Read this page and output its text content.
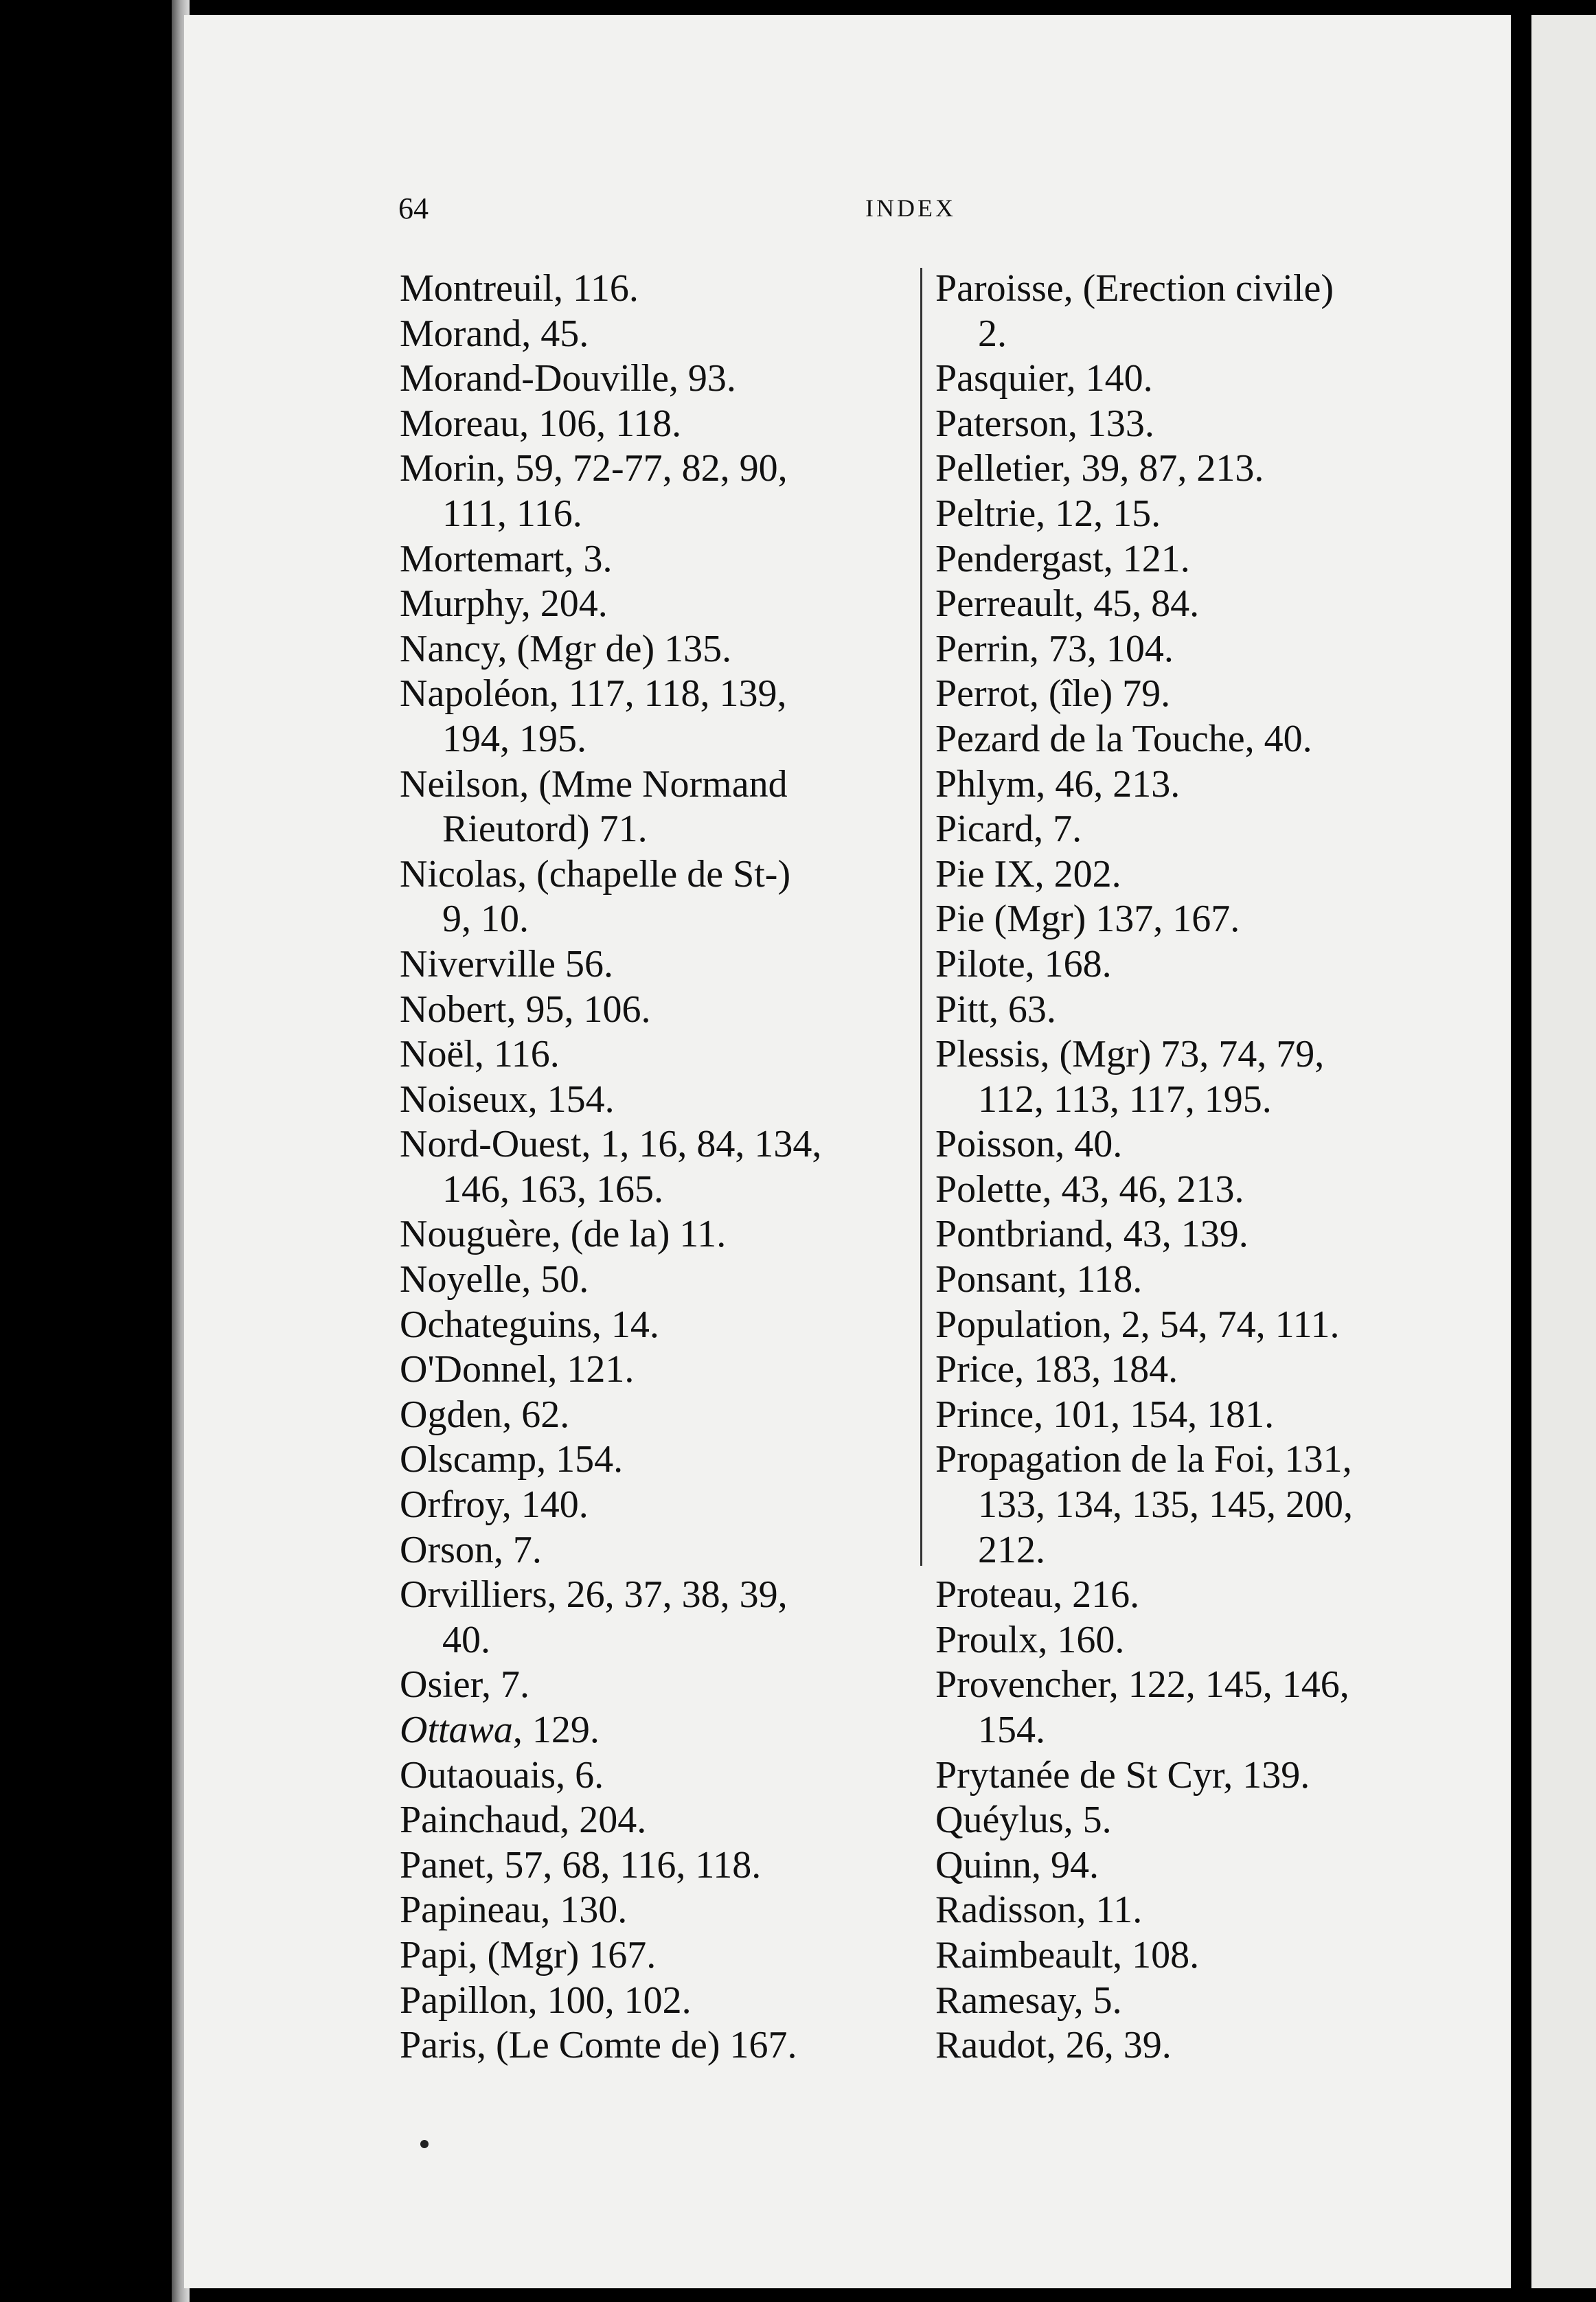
64	INDEX
Montreuil, 116.
Morand, 45.
Morand-Douville, 93.
Moreau, 106, 118.
Morin, 59, 72-77, 82, 90,
111, 116.
Mortemart, 3.
Murphy, 204.
Nancy, (Mgr de) 135.
Napoléon, 117, 118, 139,
194, 195.
Neilson, (Mme Normand
Rieutord) 71.
Nicolas, (chapelle de St-)
9, 10.
Niverville 56.
Nobert, 95, 106.
Noël, 116.
Noiseux, 154.
Nord-Ouest, 1, 16, 84, 134,
146, 163, 165.
Nouguère, (de la) 11.
Noyelle, 50.
Ochateguins, 14.
O'Donnel, 121.
Ogden, 62.
Olscamp, 154.
Orfroy, 140.
Orson, 7.
Orvilliers, 26, 37, 38, 39,
40.
Osier, 7.
Ottawa, 129.
Outaouais, 6.
Painchaud, 204.
Panet, 57, 68, 116, 118.
Papineau, 130.
Papi, (Mgr) 167.
Papillon, 100, 102.
Paris, (Le Comte de) 167.
Paroisse, (Erection civile)
2.
Pasquier, 140.
Paterson, 133.
Pelletier, 39, 87, 213.
Peltrie, 12, 15.
Pendergast, 121.
Perreault, 45, 84.
Perrin, 73, 104.
Perrot, (île) 79.
Pezard de la Touche, 40.
Phlym, 46, 213.
Picard, 7.
Pie IX, 202.
Pie (Mgr) 137, 167.
Pilote, 168.
Pitt, 63.
Plessis, (Mgr) 73, 74, 79,
112, 113, 117, 195.
Poisson, 40.
Polette, 43, 46, 213.
Pontbriand, 43, 139.
Ponsant, 118.
Population, 2, 54, 74, 111.
Price, 183, 184.
Prince, 101, 154, 181.
Propagation de la Foi, 131,
133, 134, 135, 145, 200,
212.
Proteau, 216.
Proulx, 160.
Provencher, 122, 145, 146,
154.
Prytanée de St Cyr, 139.
Quéylus, 5.
Quinn, 94.
Radisson, 11.
Raimbeault, 108.
Ramesay, 5.
Raudot, 26, 39.
